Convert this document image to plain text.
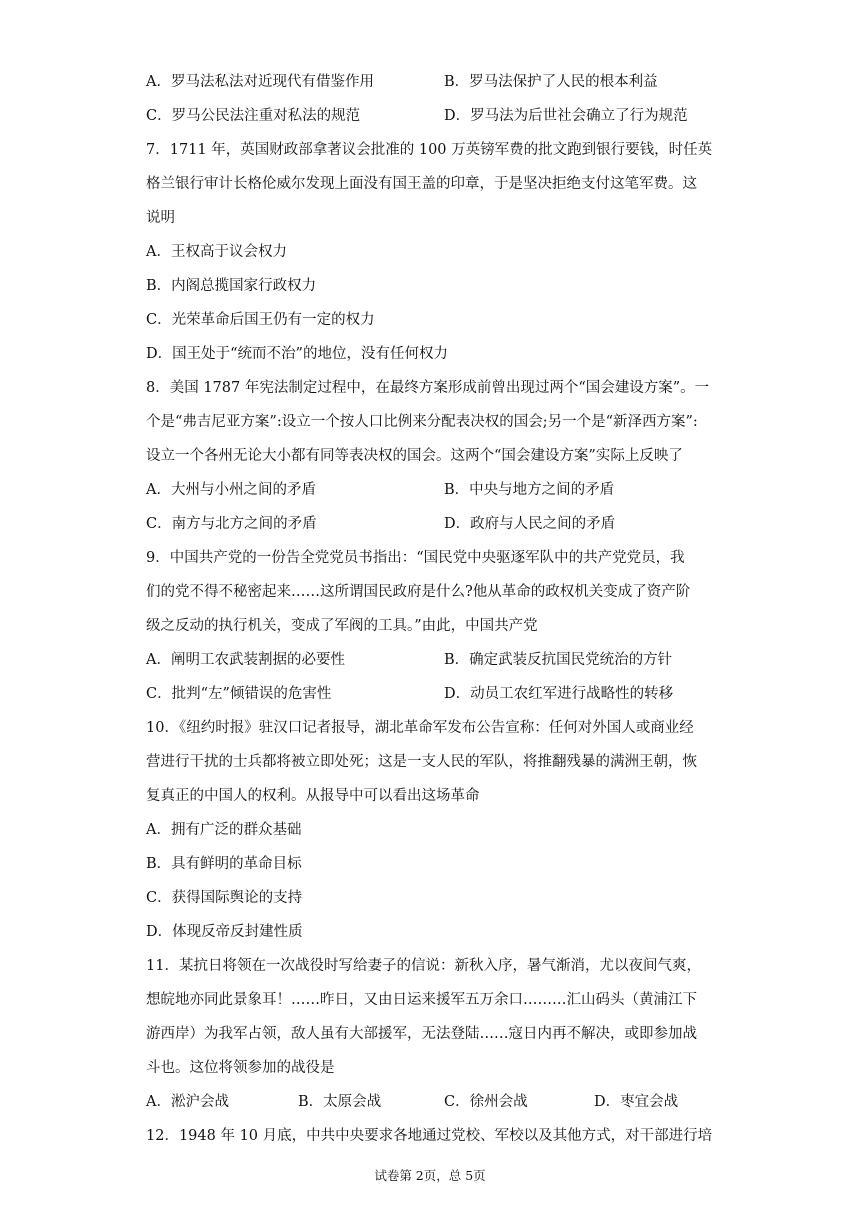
A．罗马法私法对近现代有借鉴作用	B．罗马法保护了人民的根本利益
C．罗马公民法注重对私法的规范	D．罗马法为后世社会确立了行为规范
7．1711 年，英国财政部拿著议会批准的 100 万英镑军费的批文跑到银行要钱，时任英
格兰银行审计长格伦威尔发现上面没有国王盖的印章，于是坚决拒绝支付这笔军费。这
说明
A．王权高于议会权力
B．内阁总揽国家行政权力
C．光荣革命后国王仍有一定的权力
D．国王处于“统而不治”的地位，没有任何权力
8．美国 1787 年宪法制定过程中，在最终方案形成前曾出现过两个“国会建设方案”。一
个是“弗吉尼亚方案”:设立一个按人口比例来分配表决权的国会;另一个是“新泽西方案”:
设立一个各州无论大小都有同等表决权的国会。这两个“国会建设方案”实际上反映了
A．大州与小州之间的矛盾	B．中央与地方之间的矛盾
C．南方与北方之间的矛盾	D．政府与人民之间的矛盾
9．中国共产党的一份告全党党员书指出：“国民党中央驱逐军队中的共产党党员，我
们的党不得不秘密起来……这所谓国民政府是什么?他从革命的政权机关变成了资产阶
级之反动的执行机关，变成了军阀的工具。”由此，中国共产党
A．阐明工农武装割据的必要性	B．确定武装反抗国民党统治的方针
C．批判“左”倾错误的危害性	D．动员工农红军进行战略性的转移
10．《纽约时报》驻汉口记者报导，湖北革命军发布公告宣称：任何对外国人或商业经
营进行干扰的士兵都将被立即处死；这是一支人民的军队，将推翻残暴的满洲王朝，恢
复真正的中国人的权利。从报导中可以看出这场革命
A．拥有广泛的群众基础
B．具有鲜明的革命目标
C．获得国际舆论的支持
D．体现反帝反封建性质
11．某抗日将领在一次战役时写给妻子的信说：新秋入序，暑气渐消，尤以夜间气爽，
想皖地亦同此景象耳！……昨日，又由日运来援军五万余口………汇山码头（黄浦江下
游西岸）为我军占领，敌人虽有大部援军，无法登陆……寇日内再不解决，或即参加战
斗也。这位将领参加的战役是
A．淞沪会战	B．太原会战	C．徐州会战	D．枣宜会战
12．1948 年 10 月底，中共中央要求各地通过党校、军校以及其他方式，对干部进行培
试卷第 2页，总 5页
